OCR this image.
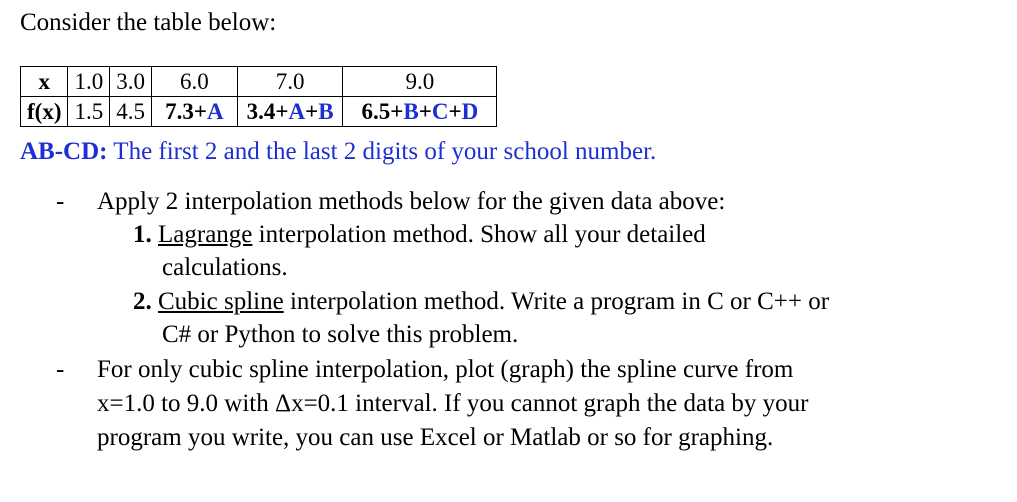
Consider the table below:
x	1.0	3.0	6.0	7.0	9.0
f(x)	1.5	4.5	7.3+A	3.4+A+B	6.5+B+C+D
AB-CD: The first 2 and the last 2 digits of your school number.
- Apply 2 interpolation methods below for the given data above:
1. Lagrange interpolation method. Show all your detailed
calculations.
2. Cubic spline interpolation method. Write a program in C or C++ or
C# or Python to solve this problem.
- For only cubic spline interpolation, plot (graph) the spline curve from
x=1.0 to 9.0 with Δx=0.1 interval. If you cannot graph the data by your
program you write, you can use Excel or Matlab or so for graphing.
